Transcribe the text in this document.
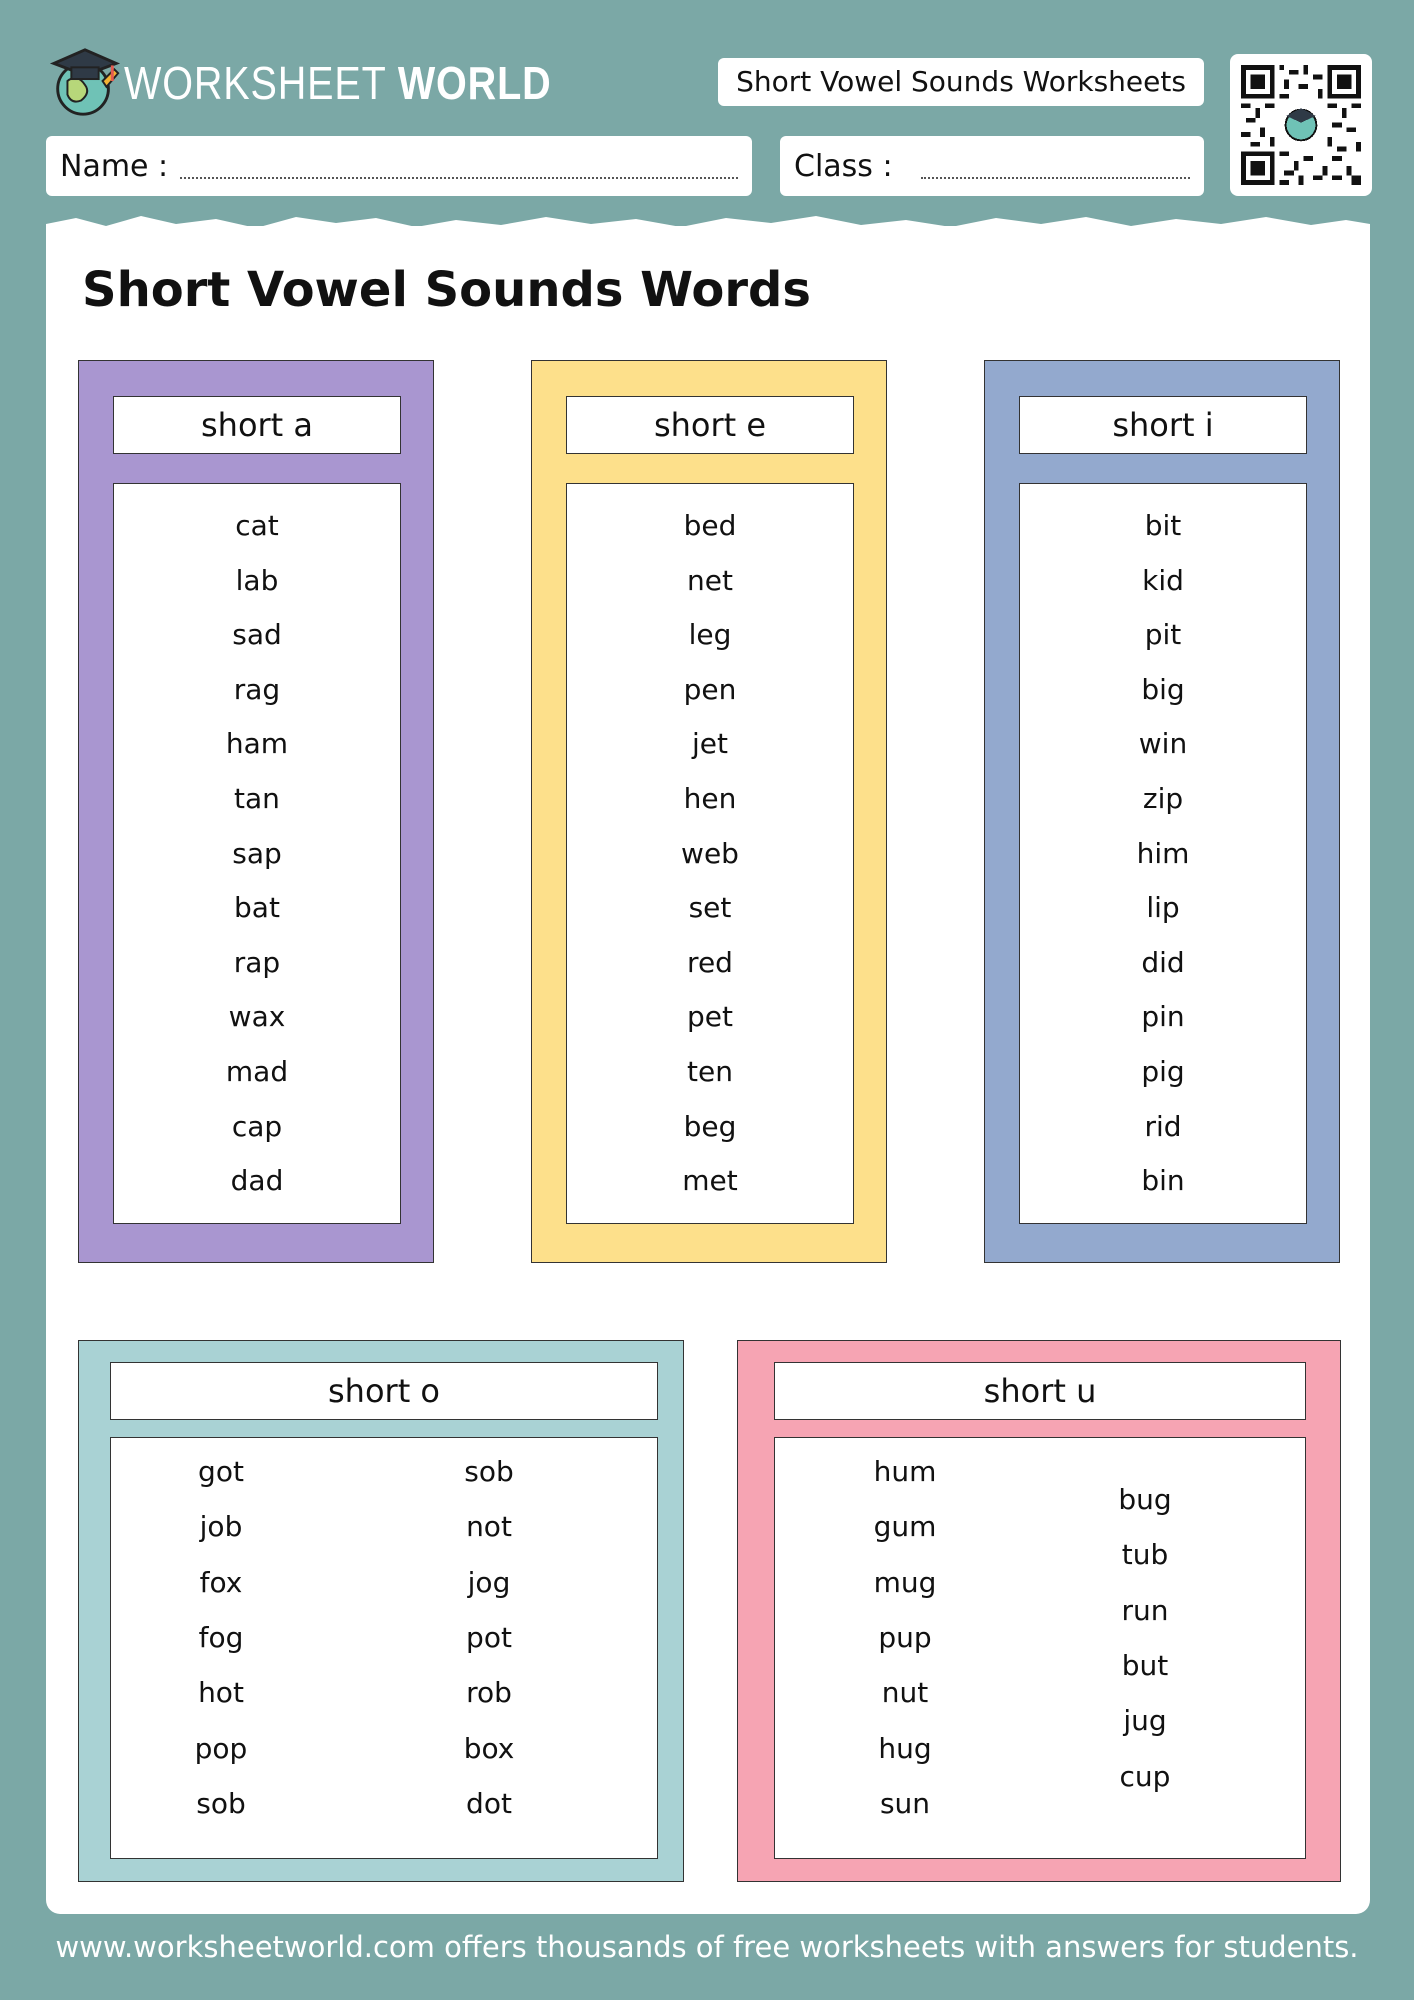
WORKSHEET WORLD	Short Vowel Sounds Worksheets
Name :	Class :
Short Vowel Sounds Words
short a
cat
lab
sad
rag
ham
tan
sap
bat
rap
wax
mad
cap
dad
short e
bed
net
leg
pen
jet
hen
web
set
red
pet
ten
beg
met
short i
bit
kid
pit
big
win
zip
him
lip
did
pin
pig
rid
bin
short o
got
job
fox
fog
hot
pop
sob
sob
not
jog
pot
rob
box
dot
short u
hum
gum
mug
pup
nut
hug
sun
bug
tub
run
but
jug
cup
www.worksheetworld.com offers thousands of free worksheets with answers for students.
